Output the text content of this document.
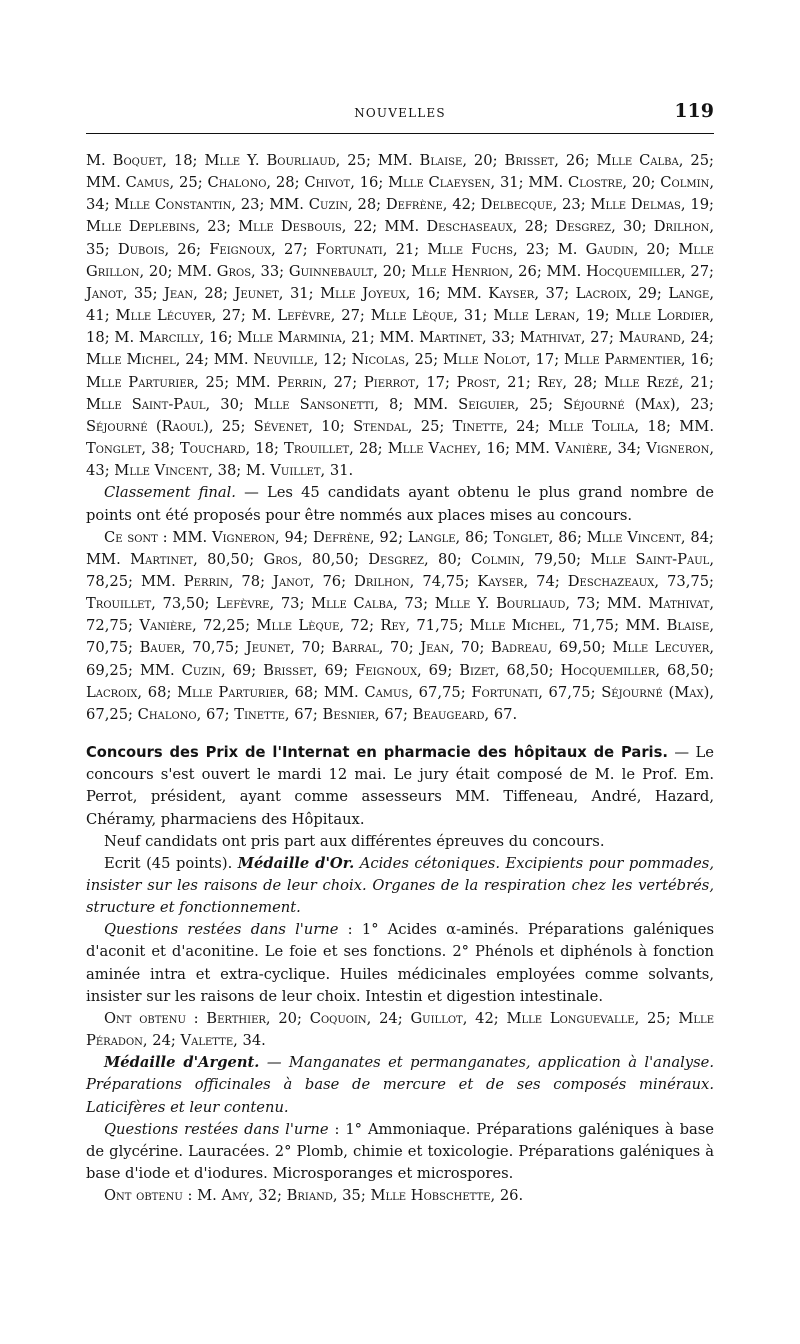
NOUVELLES	119

M. Boquet, 18; Mlle Y. Bourliaud, 25; MM. Blaise, 20; Brisset, 26; Mlle Calba, 25; MM. Camus, 25; Chalono, 28; Chivot, 16; Mlle Claeysen, 31; MM. Clostre, 20; Colmin, 34; Mlle Constantin, 23; MM. Cuzin, 28; Defrène, 42; Delbecque, 23; Mlle Delmas, 19; Mlle Deplebins, 23; Mlle Desbouis, 22; MM. Deschaseaux, 28; Desgrez, 30; Drilhon, 35; Dubois, 26; Feignoux, 27; Fortunati, 21; Mlle Fuchs, 23; M. Gaudin, 20; Mlle Grillon, 20; MM. Gros, 33; Guinnebault, 20; Mlle Henrion, 26; MM. Hocquemiller, 27; Janot, 35; Jean, 28; Jeunet, 31; Mlle Joyeux, 16; MM. Kayser, 37; Lacroix, 29; Lange, 41; Mlle Lécuyer, 27; M. Lefèvre, 27; Mlle Lèque, 31; Mlle Leran, 19; Mlle Lordier, 18; M. Marcilly, 16; Mlle Marminia, 21; MM. Martinet, 33; Mathivat, 27; Maurand, 24; Mlle Michel, 24; MM. Neuville, 12; Nicolas, 25; Mlle Nolot, 17; Mlle Parmentier, 16; Mlle Parturier, 25; MM. Perrin, 27; Pierrot, 17; Prost, 21; Rey, 28; Mlle Rezé, 21; Mlle Saint-Paul, 30; Mlle Sansonetti, 8; MM. Seiguier, 25; Séjourné (Max), 23; Séjourné (Raoul), 25; Sévenet, 10; Stendal, 25; Tinette, 24; Mlle Tolila, 18; MM. Tonglet, 38; Touchard, 18; Trouillet, 28; Mlle Vachey, 16; MM. Vanière, 34; Vigneron, 43; Mlle Vincent, 38; M. Vuillet, 31.

Classement final. — Les 45 candidats ayant obtenu le plus grand nombre de points ont été proposés pour être nommés aux places mises au concours.

Ce sont : MM. Vigneron, 94; Defrène, 92; Langle, 86; Tonglet, 86; Mlle Vincent, 84; MM. Martinet, 80,50; Gros, 80,50; Desgrez, 80; Colmin, 79,50; Mlle Saint-Paul, 78,25; MM. Perrin, 78; Janot, 76; Drilhon, 74,75; Kayser, 74; Deschazeaux, 73,75; Trouillet, 73,50; Lefèvre, 73; Mlle Calba, 73; Mlle Y. Bourliaud, 73; MM. Mathivat, 72,75; Vanière, 72,25; Mlle Lèque, 72; Rey, 71,75; Mlle Michel, 71,75; MM. Blaise, 70,75; Bauer, 70,75; Jeunet, 70; Barral, 70; Jean, 70; Badreau, 69,50; Mlle Lecuyer, 69,25; MM. Cuzin, 69; Brisset, 69; Feignoux, 69; Bizet, 68,50; Hocquemiller, 68,50; Lacroix, 68; Mlle Parturier, 68; MM. Camus, 67,75; Fortunati, 67,75; Séjourné (Max), 67,25; Chalono, 67; Tinette, 67; Besnier, 67; Beaugeard, 67.

Concours des Prix de l'Internat en pharmacie des hôpitaux de Paris. — Le concours s'est ouvert le mardi 12 mai. Le jury était composé de M. le Prof. Em. Perrot, président, ayant comme assesseurs MM. Tiffeneau, André, Hazard, Chéramy, pharmaciens des Hôpitaux.

Neuf candidats ont pris part aux différentes épreuves du concours.

Ecrit (45 points). Médaille d'Or. Acides cétoniques. Excipients pour pommades, insister sur les raisons de leur choix. Organes de la respiration chez les vertébrés, structure et fonctionnement.

Questions restées dans l'urne : 1° Acides α-aminés. Préparations galéniques d'aconit et d'aconitine. Le foie et ses fonctions. 2° Phénols et diphénols à fonction aminée intra et extra-cyclique. Huiles médicinales employées comme solvants, insister sur les raisons de leur choix. Intestin et digestion intestinale.

Ont obtenu : Berthier, 20; Coquoin, 24; Guillot, 42; Mlle Longuevalle, 25; Mlle Péradon, 24; Valette, 34.

Médaille d'Argent. — Manganates et permanganates, application à l'analyse. Préparations officinales à base de mercure et de ses composés minéraux. Laticifères et leur contenu.

Questions restées dans l'urne : 1° Ammoniaque. Préparations galéniques à base de glycérine. Lauracées. 2° Plomb, chimie et toxicologie. Préparations galéniques à base d'iode et d'iodures. Microsporanges et microspores.

Ont obtenu : M. Amy, 32; Briand, 35; Mlle Hobschette, 26.
